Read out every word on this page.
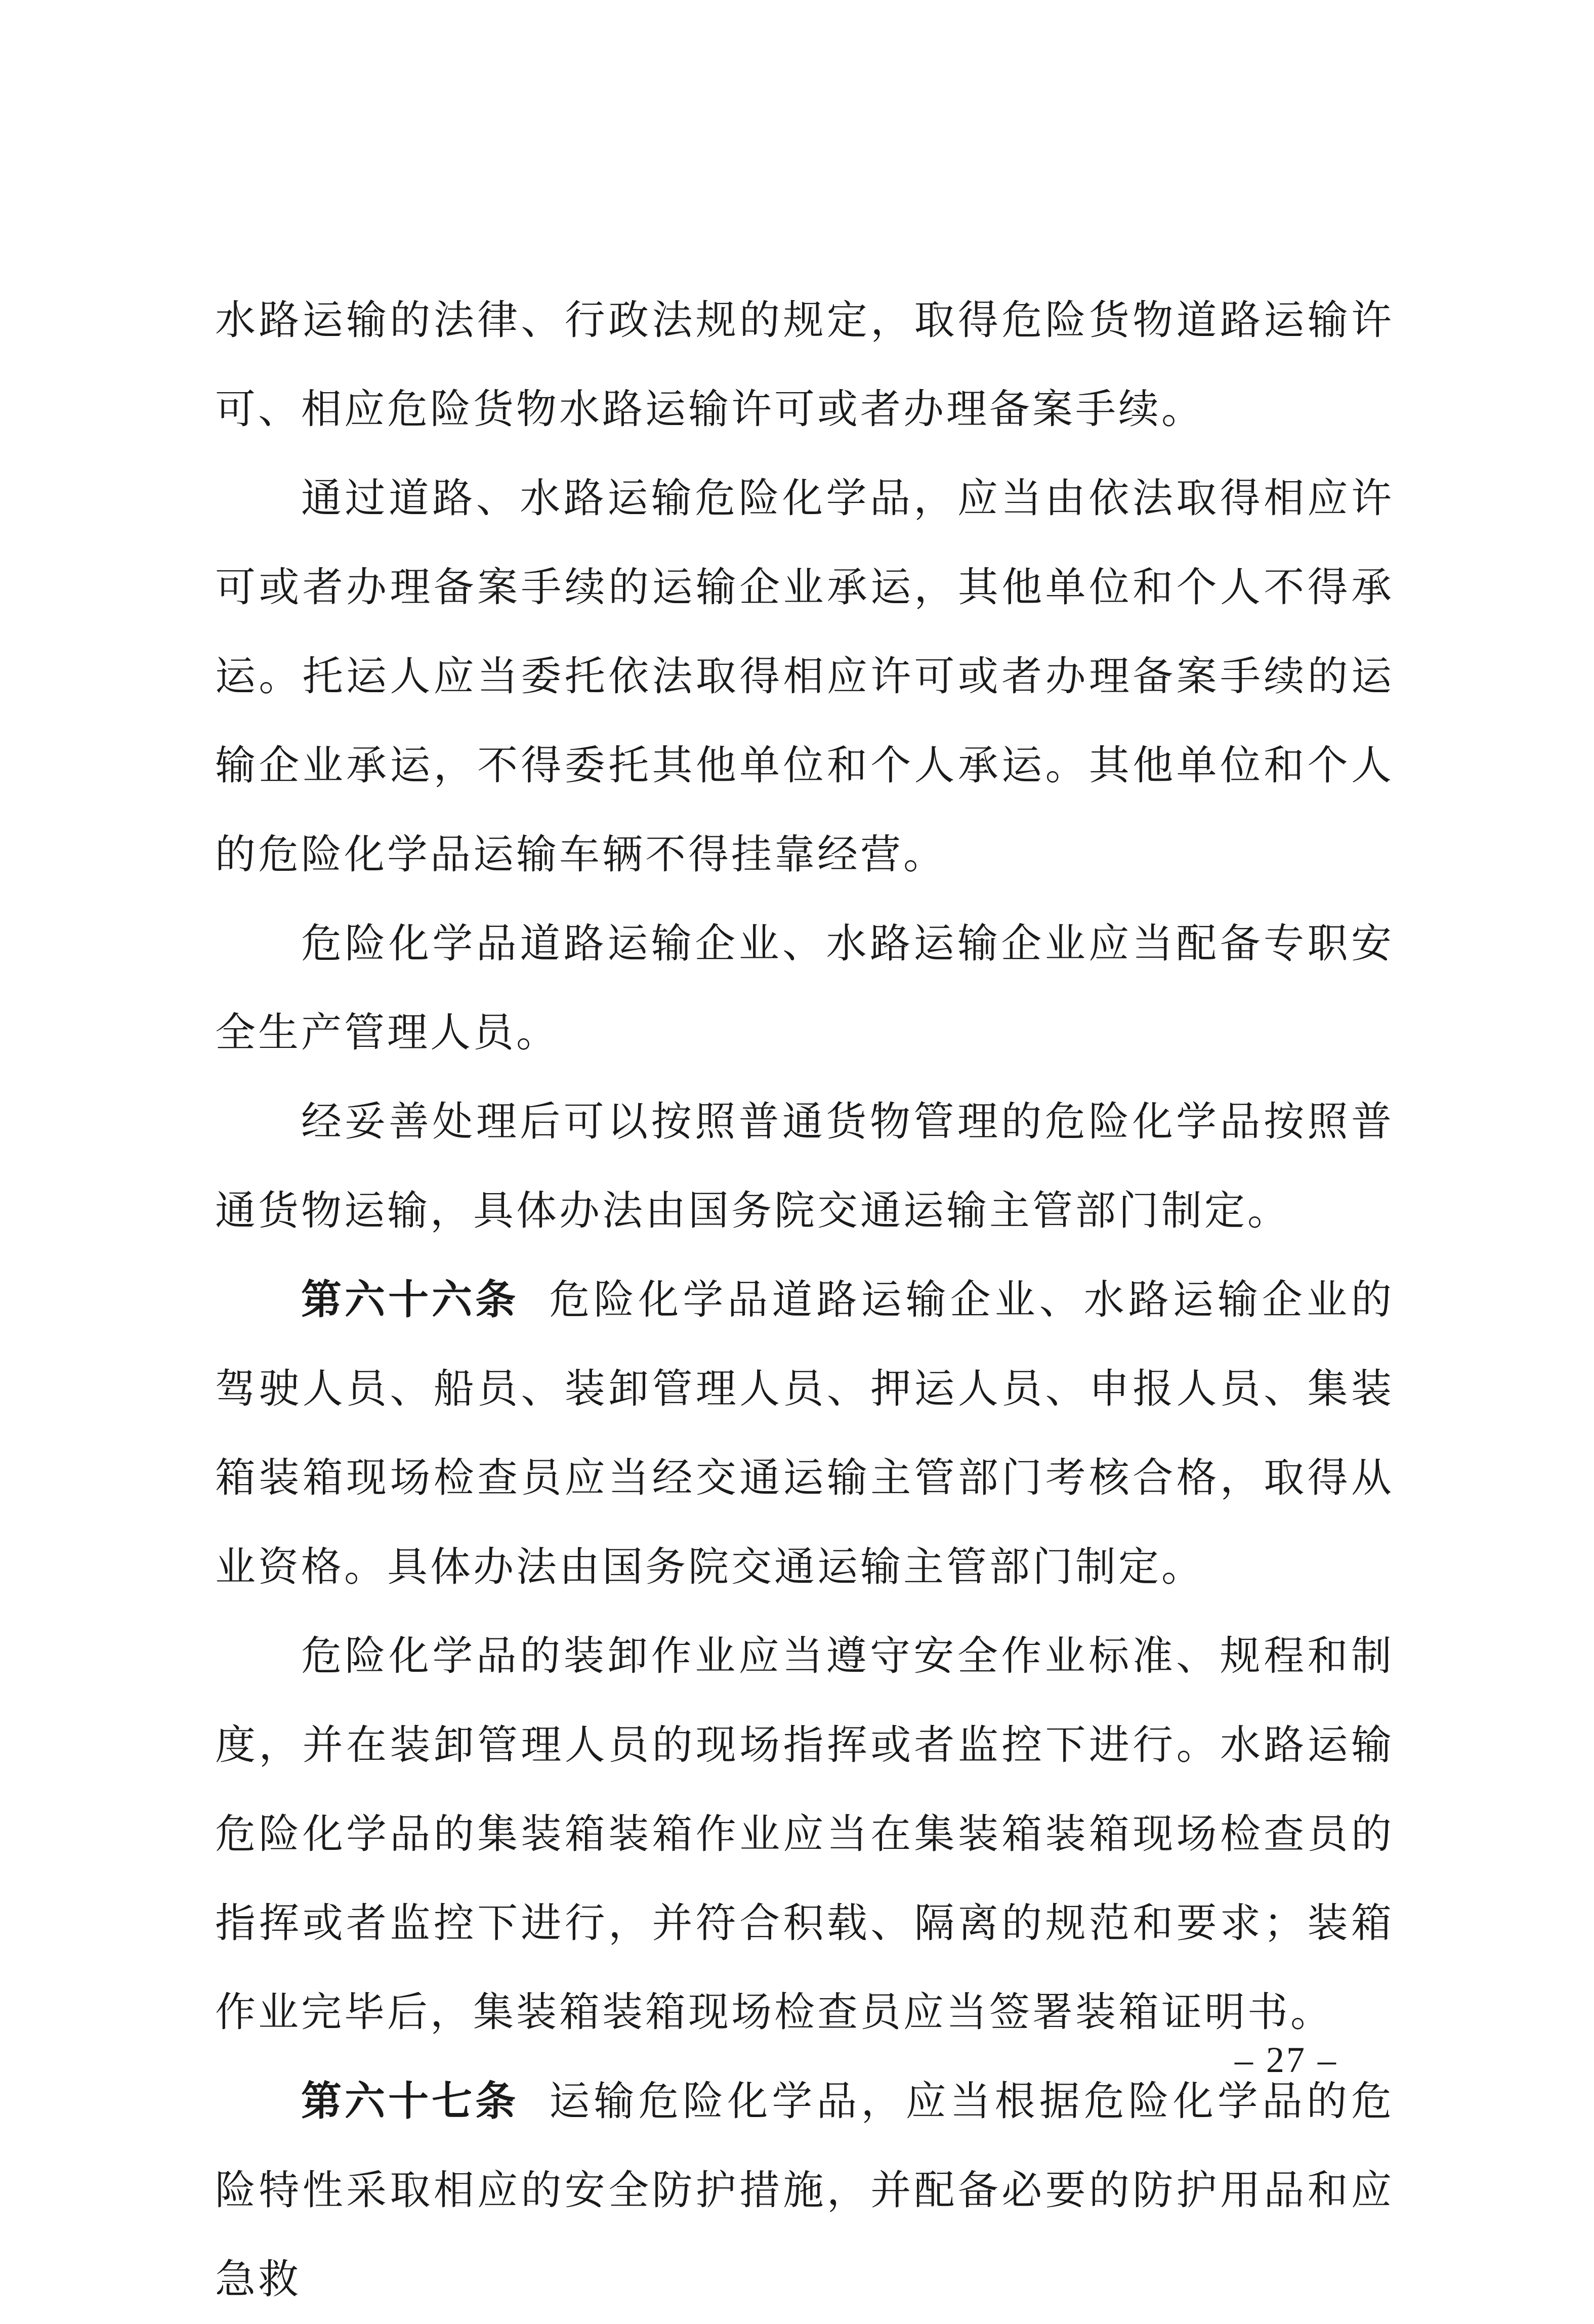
水路运输的法律、行政法规的规定，取得危险货物道路运输许可、相应危险货物水路运输许可或者办理备案手续。

通过道路、水路运输危险化学品，应当由依法取得相应许可或者办理备案手续的运输企业承运，其他单位和个人不得承运。托运人应当委托依法取得相应许可或者办理备案手续的运输企业承运，不得委托其他单位和个人承运。其他单位和个人的危险化学品运输车辆不得挂靠经营。

危险化学品道路运输企业、水路运输企业应当配备专职安全生产管理人员。

经妥善处理后可以按照普通货物管理的危险化学品按照普通货物运输，具体办法由国务院交通运输主管部门制定。

第六十六条 危险化学品道路运输企业、水路运输企业的驾驶人员、船员、装卸管理人员、押运人员、申报人员、集装箱装箱现场检查员应当经交通运输主管部门考核合格，取得从业资格。具体办法由国务院交通运输主管部门制定。

危险化学品的装卸作业应当遵守安全作业标准、规程和制度，并在装卸管理人员的现场指挥或者监控下进行。水路运输危险化学品的集装箱装箱作业应当在集装箱装箱现场检查员的指挥或者监控下进行，并符合积载、隔离的规范和要求；装箱作业完毕后，集装箱装箱现场检查员应当签署装箱证明书。

第六十七条 运输危险化学品，应当根据危险化学品的危险特性采取相应的安全防护措施，并配备必要的防护用品和应急救

– 27 –
